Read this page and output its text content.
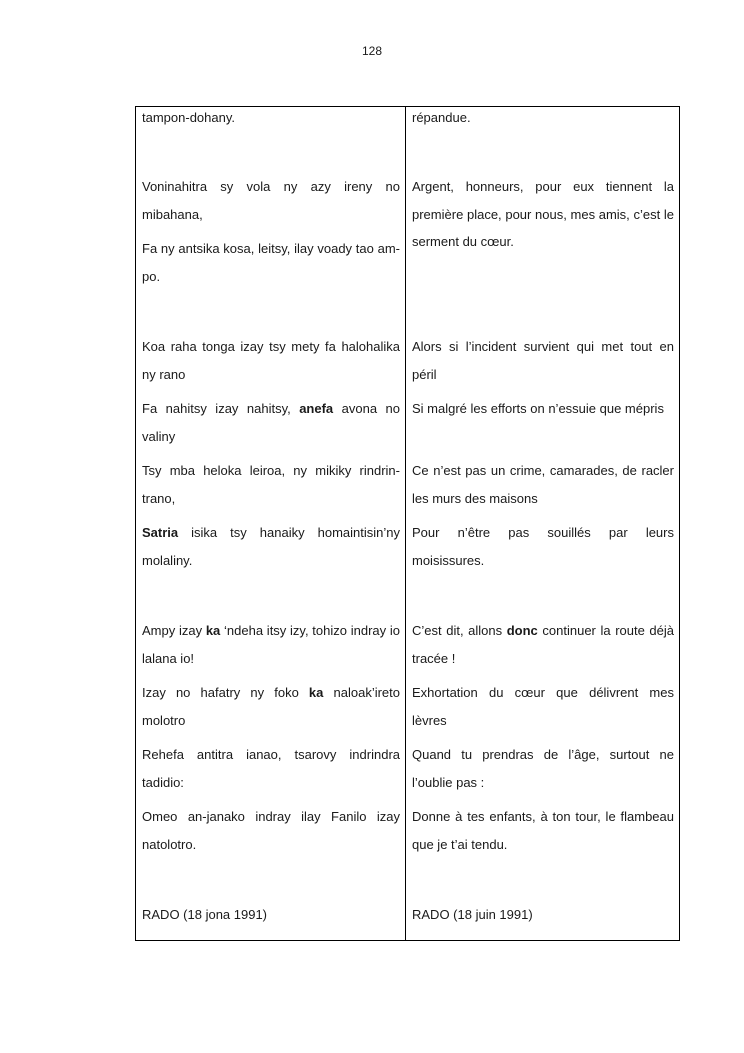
128
tampon-dohany.
Voninahitra sy vola ny azy ireny no mibahana,
Fa ny antsika kosa, leitsy, ilay voady tao am-po.
Koa raha tonga izay tsy mety fa halohalika ny rano
Fa nahitsy izay nahitsy, anefa avona no valiny
Tsy mba heloka leiroa, ny mikiky rindrin-trano,
Satria isika tsy hanaiky homaintisin’ny molaliny.
Ampy izay ka ‘ndeha itsy izy, tohizo indray io lalana io!
Izay no hafatry ny foko ka naloak’ireto molotro
Rehefa antitra ianao, tsarovy indrindra tadidio:
Omeo an-janako indray ilay Fanilo izay natolotro.
RADO (18 jona 1991)
répandue.
Argent, honneurs, pour eux tiennent la première place, pour nous, mes amis, c’est le serment du cœur.
Alors si l’incident survient qui met tout en péril
Si malgré les efforts on n’essuie que mépris
Ce n’est pas un crime, camarades, de racler les murs des maisons
Pour n’être pas souillés par leurs moisissures.
C’est dit, allons donc continuer la route déjà tracée !
Exhortation du cœur que délivrent mes lèvres
Quand tu prendras de l’âge, surtout ne l’oublie pas :
Donne à tes enfants, à ton tour, le flambeau que je t’ai tendu.
RADO (18 juin 1991)
